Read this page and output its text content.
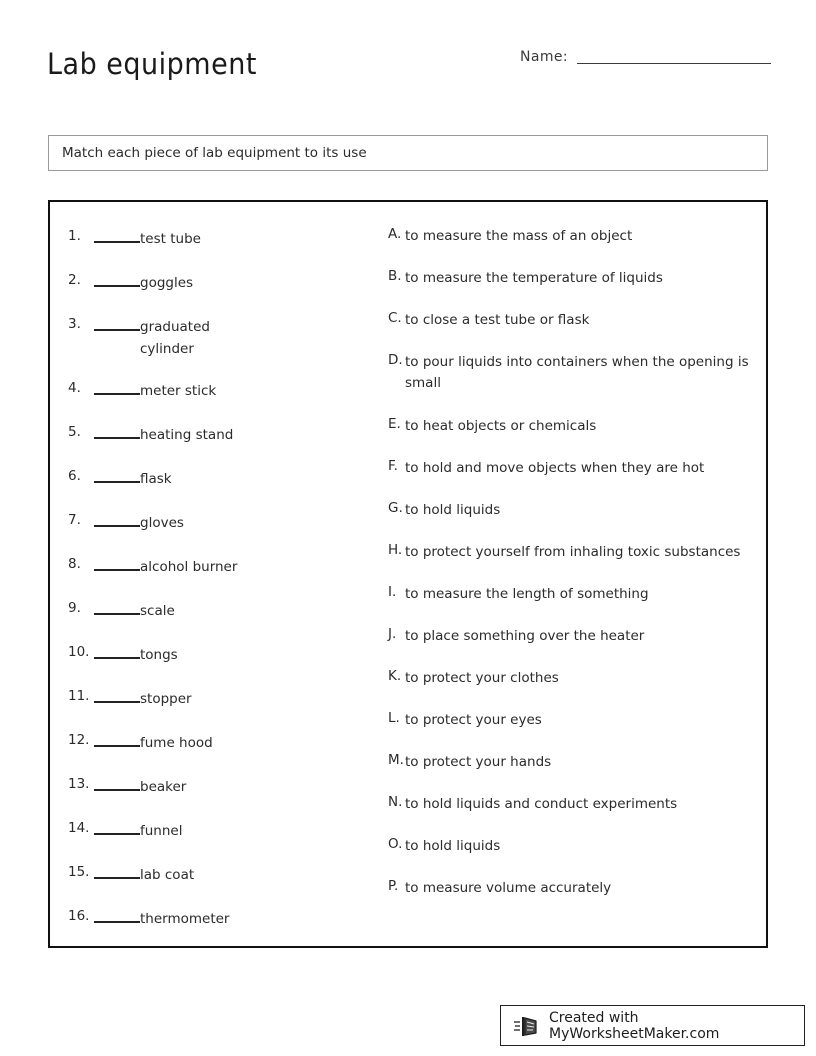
Lab equipment	Name:
Match each piece of lab equipment to its use
1.	test tube
2.	goggles
3.	graduated cylinder
4.	meter stick
5.	heating stand
6.	flask
7.	gloves
8.	alcohol burner
9.	scale
10.	tongs
11.	stopper
12.	fume hood
13.	beaker
14.	funnel
15.	lab coat
16.	thermometer
A. to measure the mass of an object
B. to measure the temperature of liquids
C. to close a test tube or flask
D. to pour liquids into containers when the opening is small
E. to heat objects or chemicals
F. to hold and move objects when they are hot
G. to hold liquids
H. to protect yourself from inhaling toxic substances
I. to measure the length of something
J. to place something over the heater
K. to protect your clothes
L. to protect your eyes
M. to protect your hands
N. to hold liquids and conduct experiments
O. to hold liquids
P. to measure volume accurately
Created with MyWorksheetMaker.com
